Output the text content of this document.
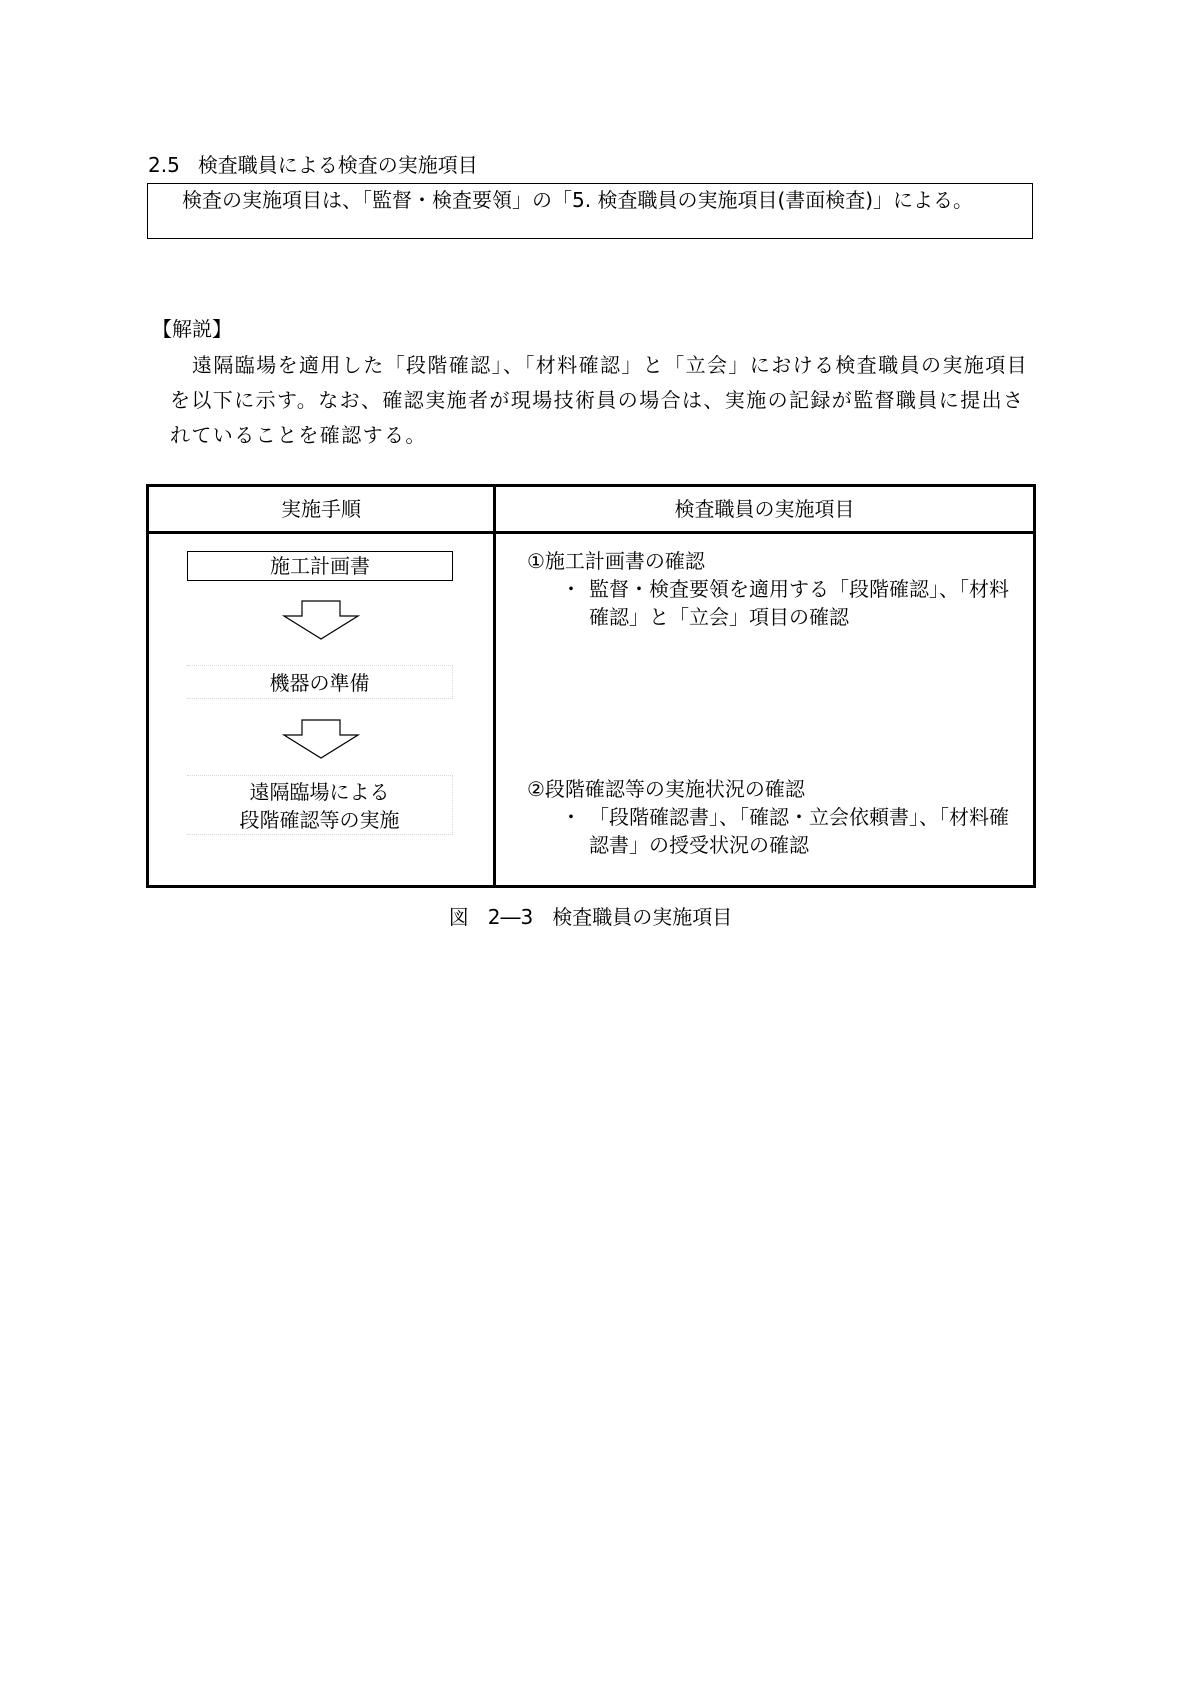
2.5 検査職員による検査の実施項目

検査の実施項目は、「監督・検査要領」の「5. 検査職員の実施項目(書面検査)」による。

【解説】

遠隔臨場を適用した「段階確認」、「材料確認」と「立会」における検査職員の実施項目を以下に示す。なお、確認実施者が現場技術員の場合は、実施の記録が監督職員に提出されていることを確認する。

実施手順	検査職員の実施項目
施工計画書
機器の準備
遠隔臨場による
段階確認等の実施
①施工計画書の確認
・ 監督・検査要領を適用する「段階確認」、「材料確認」と「立会」項目の確認
②段階確認等の実施状況の確認
・ 「段階確認書」、「確認・立会依頼書」、「材料確認書」の授受状況の確認
図 2―3 検査職員の実施項目
